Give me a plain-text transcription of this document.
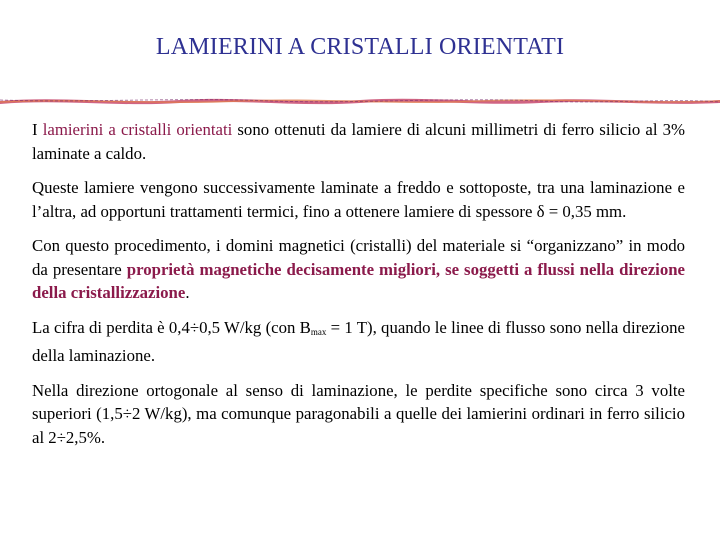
LAMIERINI A CRISTALLI ORIENTATI

I lamierini a cristalli orientati sono ottenuti da lamiere di alcuni millimetri di ferro silicio al 3% laminate a caldo.

Queste lamiere vengono successivamente laminate a freddo e sottoposte, tra una laminazione e l’altra, ad opportuni trattamenti termici, fino a ottenere lamiere di spessore δ = 0,35 mm.

Con questo procedimento, i domini magnetici (cristalli) del materiale si “organizzano” in modo da presentare proprietà magnetiche decisamente migliori, se soggetti a flussi nella direzione della cristallizzazione.

La cifra di perdita è 0,4÷0,5 W/kg (con $B_{max} = 1$ T), quando le linee di flusso sono nella direzione della laminazione.

Nella direzione ortogonale al senso di laminazione, le perdite specifiche sono circa 3 volte superiori (1,5÷2 W/kg), ma comunque paragonabili a quelle dei lamierini ordinari in ferro silicio al 2÷2,5%.
